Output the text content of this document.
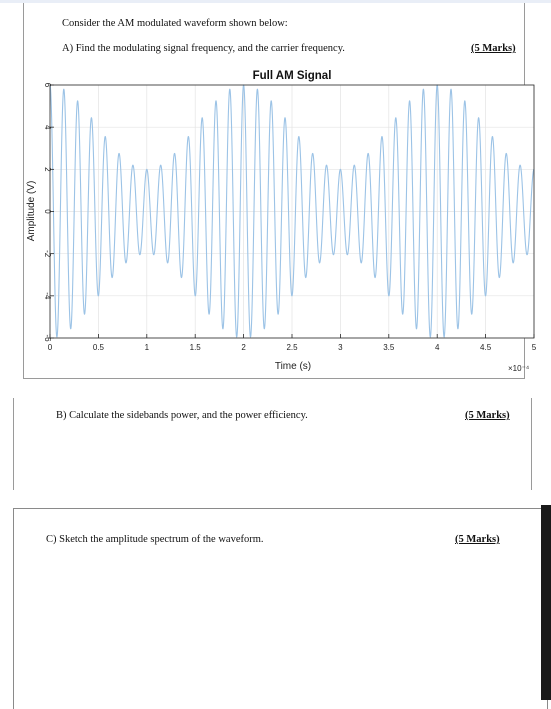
Consider the AM modulated waveform shown below:
A) Find the modulating signal frequency, and the carrier frequency.	(5 Marks)
0	0.5	1	1.5	2	2.5	3	3.5	4	4.5	5
6
4
2
0
-2
-4
-6
Full AM Signal
Time (s)
Amplitude (V)
×10⁻⁴
B) Calculate the sidebands power, and the power efficiency.	(5 Marks)
C) Sketch the amplitude spectrum of the waveform.	(5 Marks)
